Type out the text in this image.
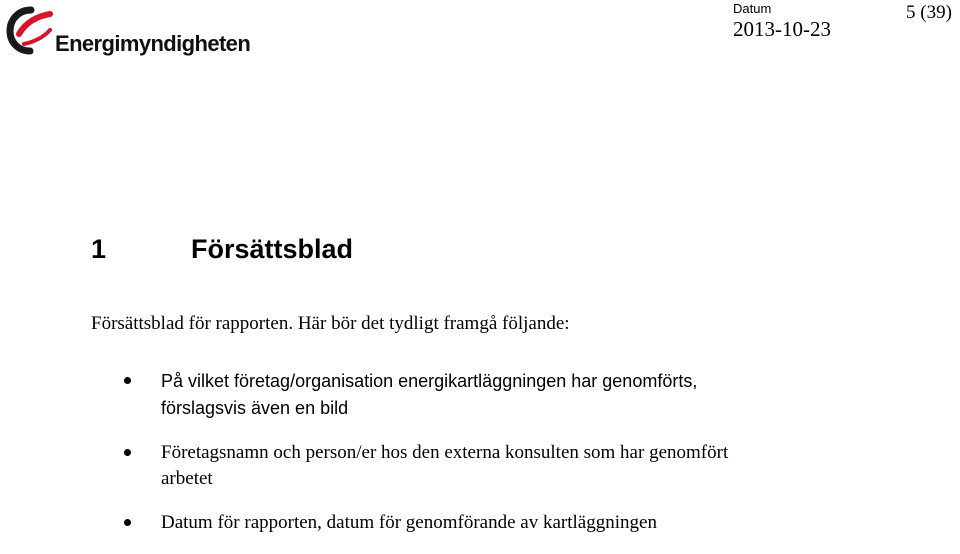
Energimyndigheten
Datum
2013-10-23
5 (39)
1	Försättsblad
Försättsblad för rapporten. Här bör det tydligt framgå följande:
På vilket företag/organisation energikartläggningen har genomförts,
förslagsvis även en bild
Företagsnamn och person/er hos den externa konsulten som har genomfört
arbetet
Datum för rapporten, datum för genomförande av kartläggningen
